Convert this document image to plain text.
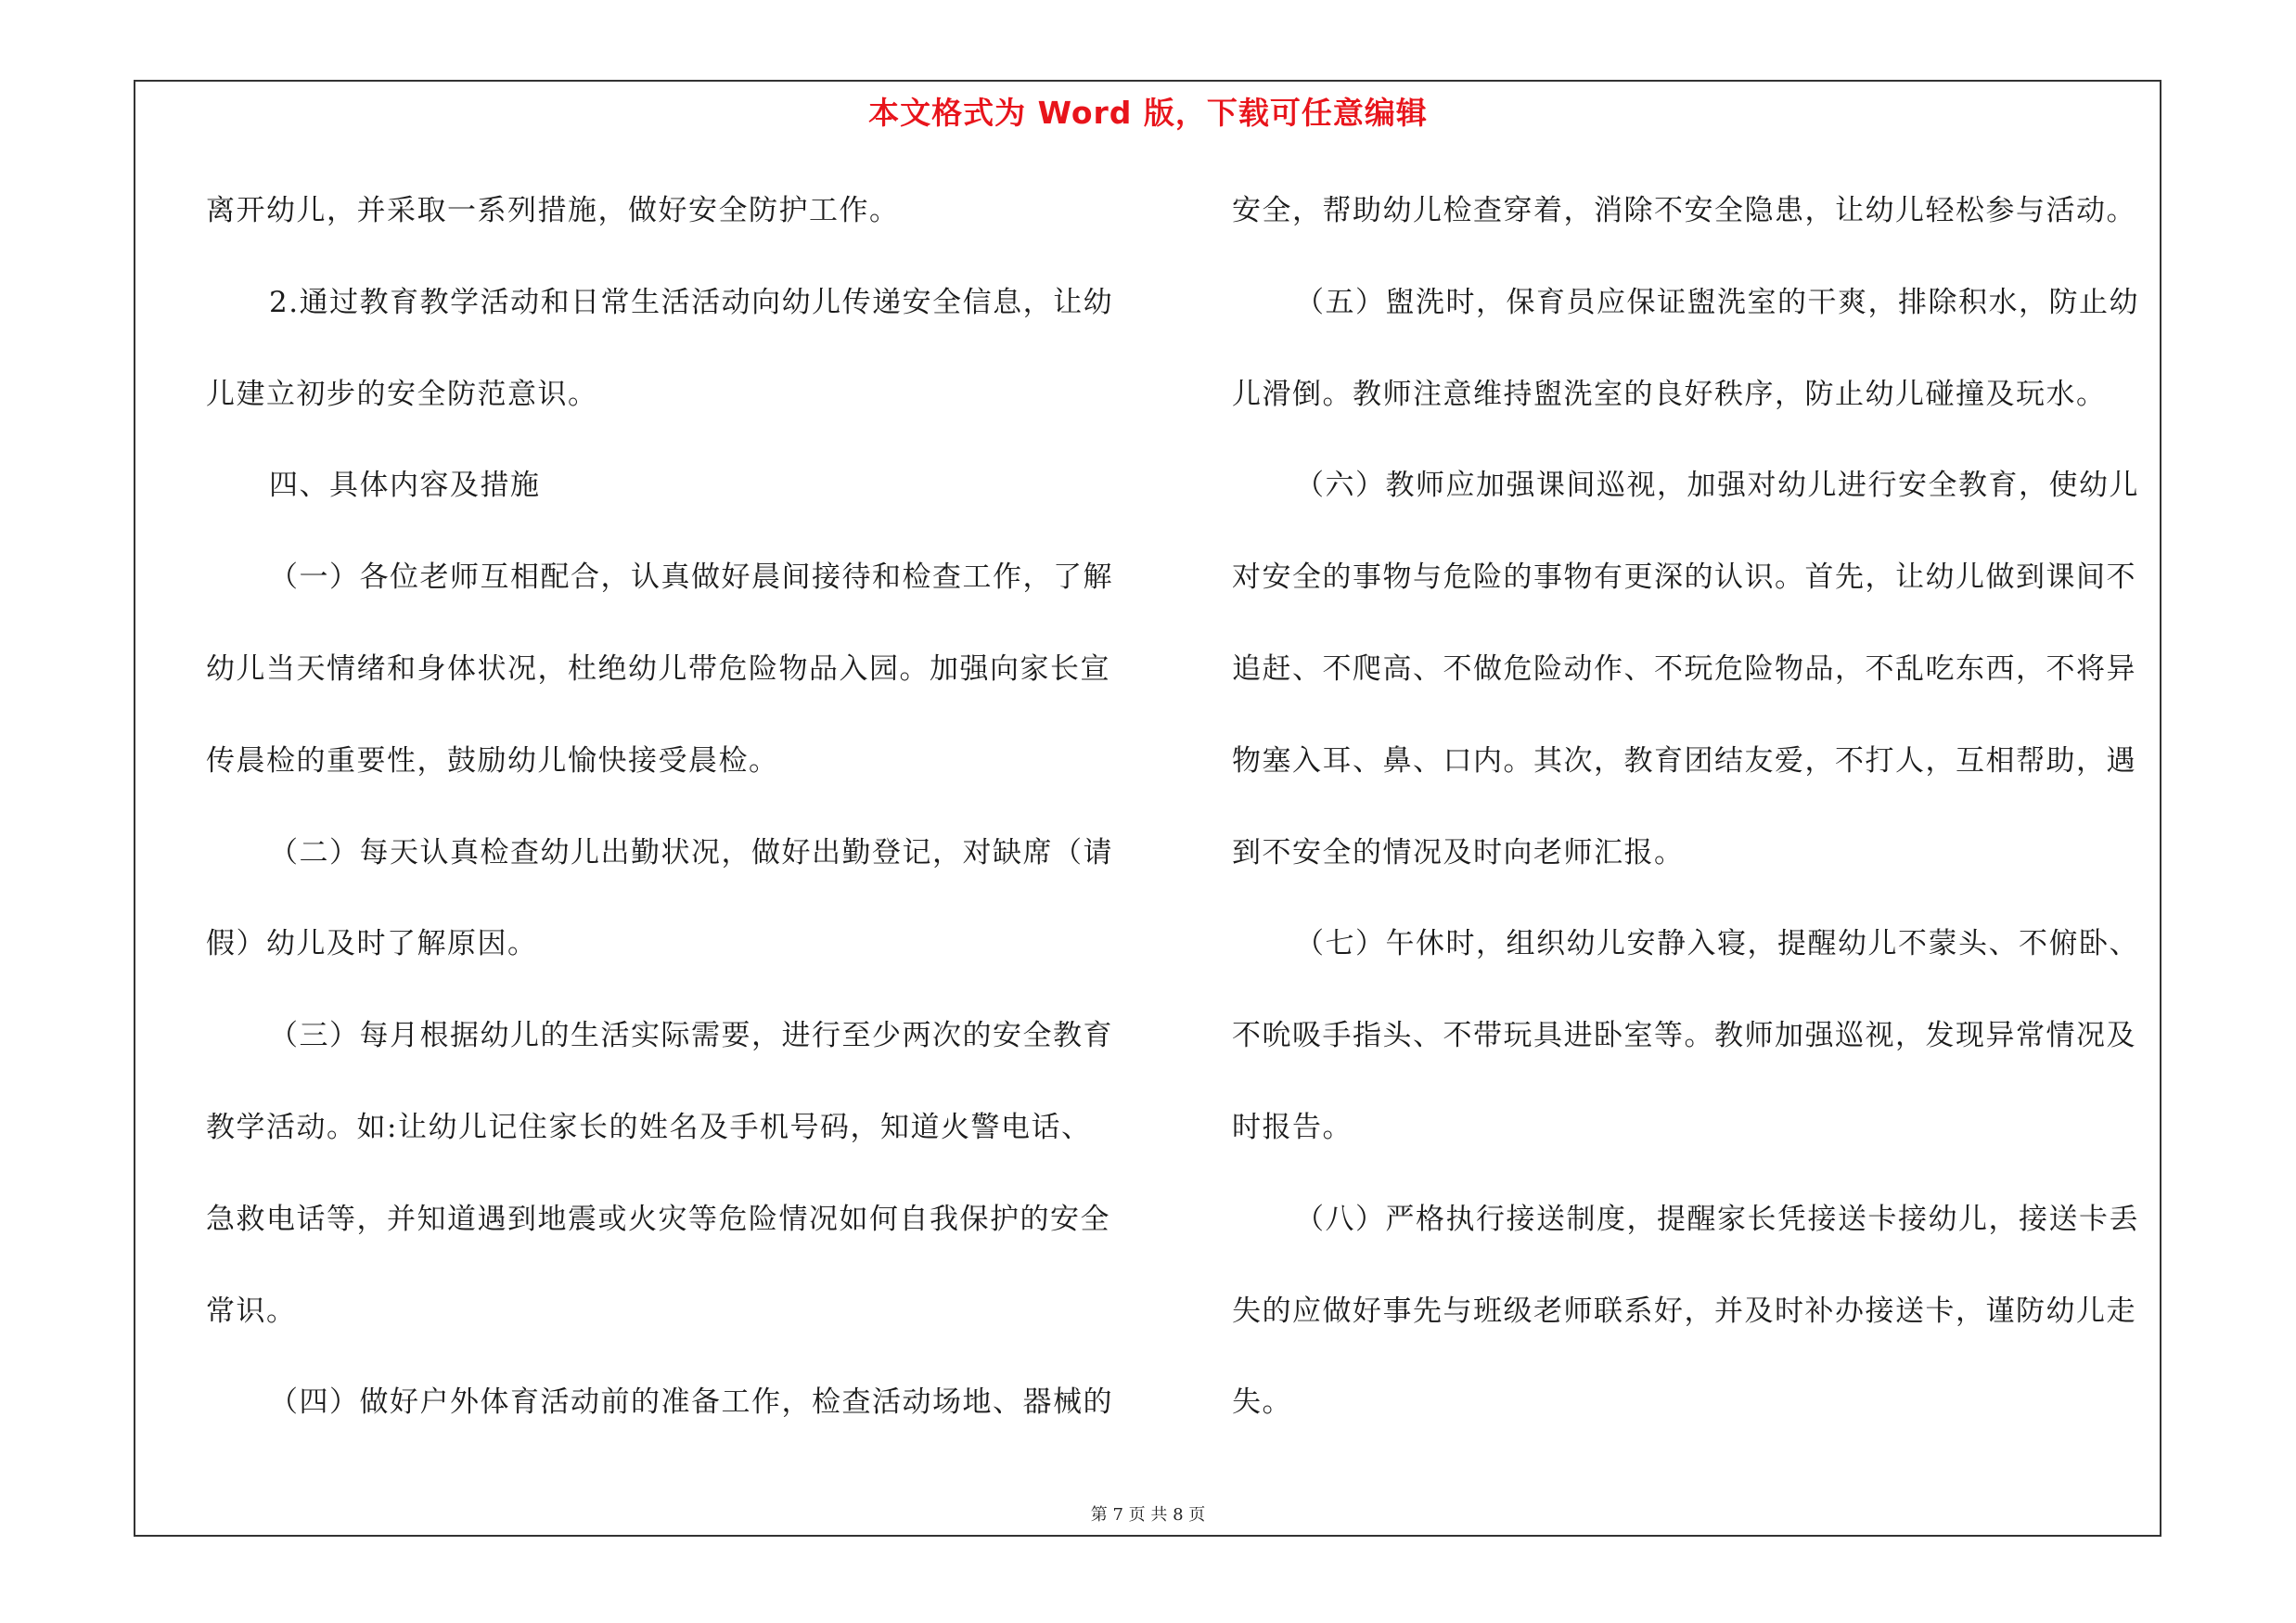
本文格式为 Word 版，下载可任意编辑
离开幼儿，并采取一系列措施，做好安全防护工作。
2.通过教育教学活动和日常生活活动向幼儿传递安全信息，让幼
儿建立初步的安全防范意识。
四、具体内容及措施
（一）各位老师互相配合，认真做好晨间接待和检查工作，了解
幼儿当天情绪和身体状况，杜绝幼儿带危险物品入园。加强向家长宣
传晨检的重要性，鼓励幼儿愉快接受晨检。
（二）每天认真检查幼儿出勤状况，做好出勤登记，对缺席（请
假）幼儿及时了解原因。
（三）每月根据幼儿的生活实际需要，进行至少两次的安全教育
教学活动。如:让幼儿记住家长的姓名及手机号码，知道火警电话、
急救电话等，并知道遇到地震或火灾等危险情况如何自我保护的安全
常识。
（四）做好户外体育活动前的准备工作，检查活动场地、器械的
安全，帮助幼儿检查穿着，消除不安全隐患，让幼儿轻松参与活动。
（五）盥洗时，保育员应保证盥洗室的干爽，排除积水，防止幼
儿滑倒。教师注意维持盥洗室的良好秩序，防止幼儿碰撞及玩水。
（六）教师应加强课间巡视，加强对幼儿进行安全教育，使幼儿
对安全的事物与危险的事物有更深的认识。首先，让幼儿做到课间不
追赶、不爬高、不做危险动作、不玩危险物品，不乱吃东西，不将异
物塞入耳、鼻、口内。其次，教育团结友爱，不打人，互相帮助，遇
到不安全的情况及时向老师汇报。
（七）午休时，组织幼儿安静入寝，提醒幼儿不蒙头、不俯卧、
不吮吸手指头、不带玩具进卧室等。教师加强巡视，发现异常情况及
时报告。
（八）严格执行接送制度，提醒家长凭接送卡接幼儿，接送卡丢
失的应做好事先与班级老师联系好，并及时补办接送卡，谨防幼儿走
失。
第 7 页 共 8 页
